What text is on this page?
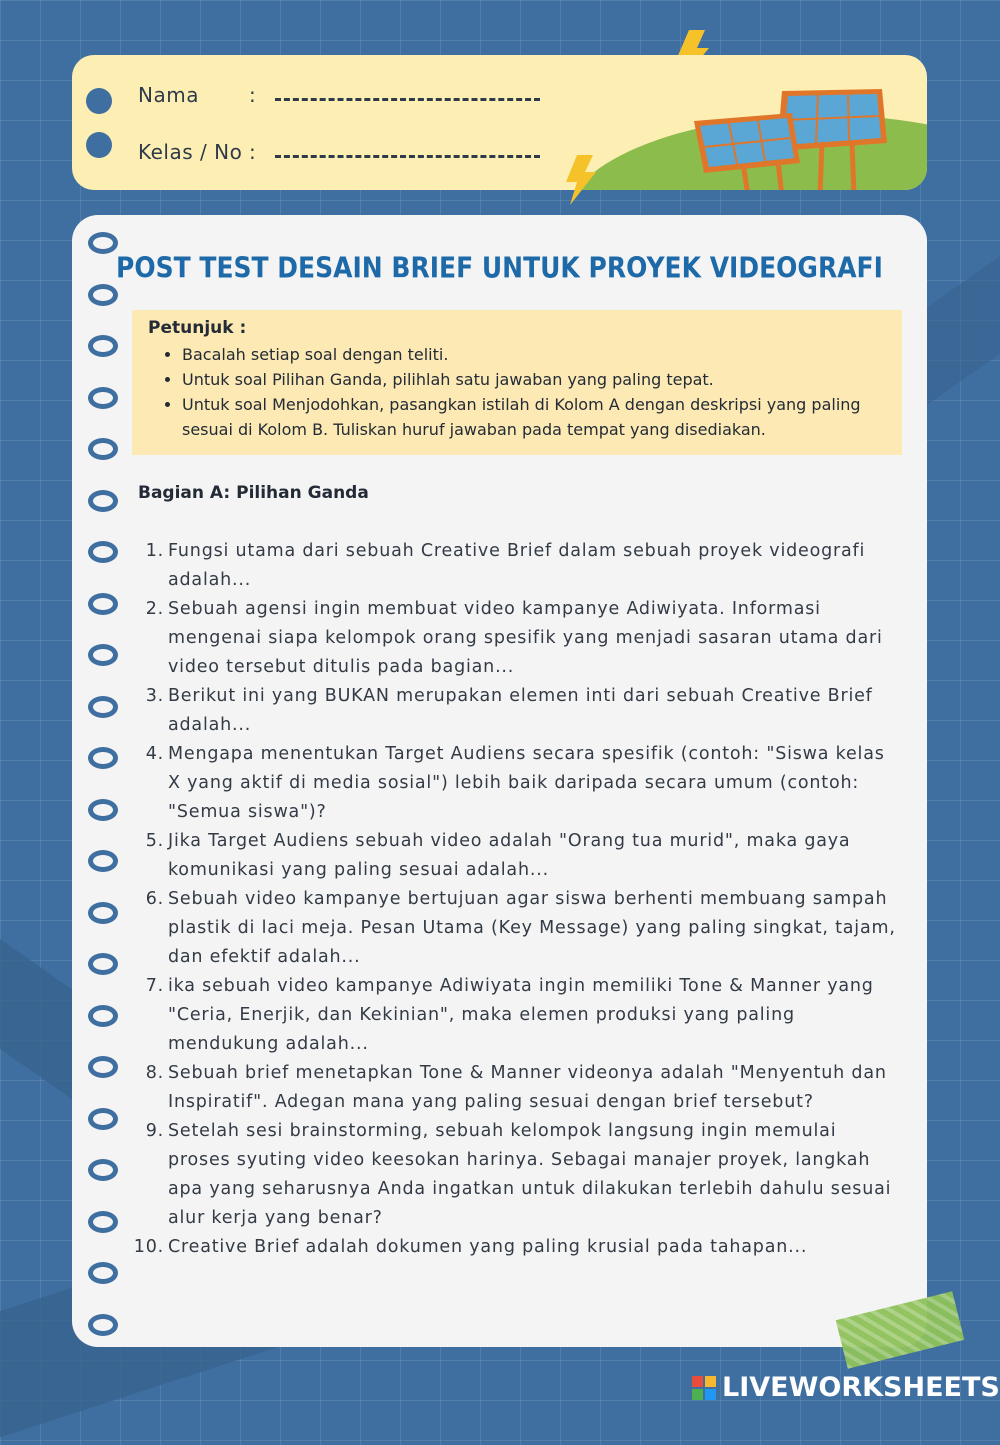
Nama	:
Kelas / No :
POST TEST DESAIN BRIEF UNTUK PROYEK VIDEOGRAFI

Petunjuk :

• Bacalah setiap soal dengan teliti.
• Untuk soal Pilihan Ganda, pilihlah satu jawaban yang paling tepat.
• Untuk soal Menjodohkan, pasangkan istilah di Kolom A dengan deskripsi yang paling sesuai di Kolom B. Tuliskan huruf jawaban pada tempat yang disediakan.
Bagian A: Pilihan Ganda
1. Fungsi utama dari sebuah Creative Brief dalam sebuah proyek videografi adalah...
2. Sebuah agensi ingin membuat video kampanye Adiwiyata. Informasi mengenai siapa kelompok orang spesifik yang menjadi sasaran utama dari video tersebut ditulis pada bagian...
3. Berikut ini yang BUKAN merupakan elemen inti dari sebuah Creative Brief adalah...
4. Mengapa menentukan Target Audiens secara spesifik (contoh: "Siswa kelas X yang aktif di media sosial") lebih baik daripada secara umum (contoh: "Semua siswa")?
5. Jika Target Audiens sebuah video adalah "Orang tua murid", maka gaya komunikasi yang paling sesuai adalah...
6. Sebuah video kampanye bertujuan agar siswa berhenti membuang sampah plastik di laci meja. Pesan Utama (Key Message) yang paling singkat, tajam, dan efektif adalah...
7. ika sebuah video kampanye Adiwiyata ingin memiliki Tone & Manner yang "Ceria, Enerjik, dan Kekinian", maka elemen produksi yang paling mendukung adalah...
8. Sebuah brief menetapkan Tone & Manner videonya adalah "Menyentuh dan Inspiratif". Adegan mana yang paling sesuai dengan brief tersebut?
9. Setelah sesi brainstorming, sebuah kelompok langsung ingin memulai proses syuting video keesokan harinya. Sebagai manajer proyek, langkah apa yang seharusnya Anda ingatkan untuk dilakukan terlebih dahulu sesuai alur kerja yang benar?
10. Creative Brief adalah dokumen yang paling krusial pada tahapan...
LIVEWORKSHEETS
